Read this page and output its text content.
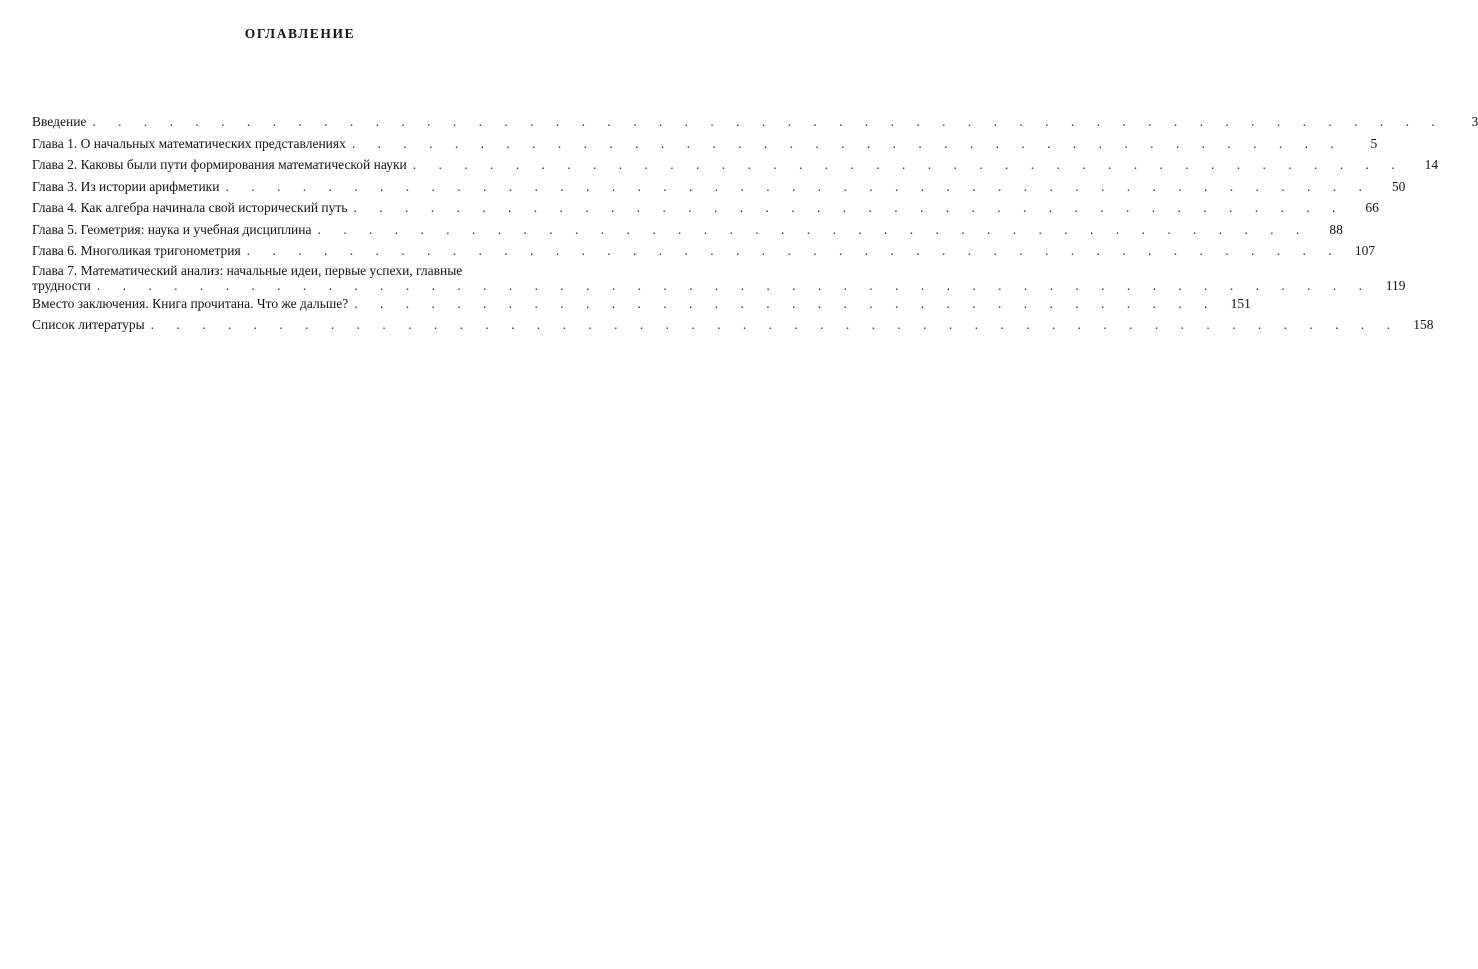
ОГЛАВЛЕНИЕ
Введение . . . . . . . . . . . . . . . . . . . . . . . . . . . . . . . . . . . . . . . . . . . . . . . . . . . . .	3
Глава 1. О начальных математических представлениях . . . . . . . . . . . . . . . . . . . . . . . . . . . . . . . . . . . . . . .	5
Глава 2. Каковы были пути формирования математической науки . . . . . . . . . . . . . . . . . . . . . . . . . . . . . . . . . . . . . . .	14
Глава 3. Из истории арифметики . . . . . . . . . . . . . . . . . . . . . . . . . . . . . . . . . . . . . . . . . . . . .	50
Глава 4. Как алгебра начинала свой исторический путь . . . . . . . . . . . . . . . . . . . . . . . . . . . . . . . . . . . . . . .	66
Глава 5. Геометрия: наука и учебная дисциплина . . . . . . . . . . . . . . . . . . . . . . . . . . . . . . . . . . . . . . .	88
Глава 6. Многоликая тригонометрия . . . . . . . . . . . . . . . . . . . . . . . . . . . . . . . . . . . . . . . . . . .	107
Глава 7. Математический анализ: начальные идеи, первые успехи, главные
трудности . . . . . . . . . . . . . . . . . . . . . . . . . . . . . . . . . . . . . . . . . . . . . . . . . .	119
Вместо заключения. Книга прочитана. Что же дальше? . . . . . . . . . . . . . . . . . . . . . . . . . . . . . . . . . .	151
Список литературы . . . . . . . . . . . . . . . . . . . . . . . . . . . . . . . . . . . . . . . . . . . . . . . . .	158
